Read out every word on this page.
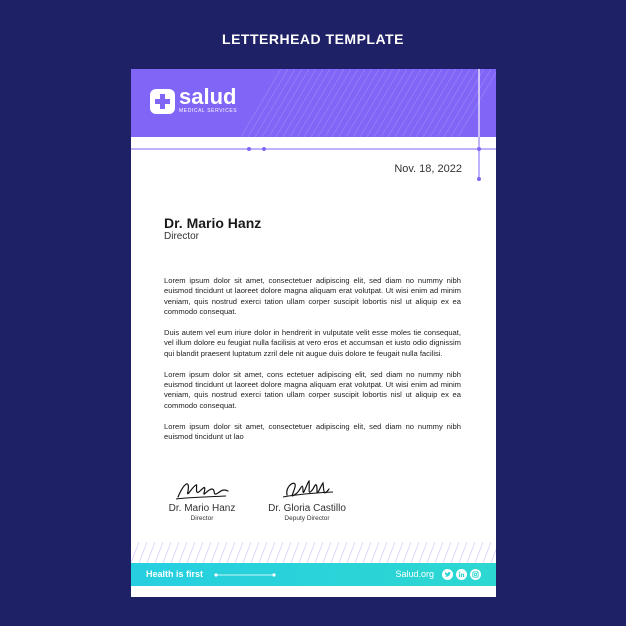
LETTERHEAD TEMPLATE
salud
MEDICAL SERVICES
Nov. 18, 2022
Dr. Mario Hanz
Director

Lorem ipsum dolor sit amet, consectetuer adipiscing elit, sed diam no nummy nibh euismod tincidunt ut laoreet dolore magna aliquam erat volutpat. Ut wisi enim ad minim veniam, quis nostrud exerci tation ullam corper suscipit lobortis nisl ut aliquip ex ea commodo consequat.

Duis autem vel eum iriure dolor in hendrerit in vulputate velit esse moles tie consequat, vel illum dolore eu feugiat nulla facilisis at vero eros et accumsan et iusto odio dignissim qui blandit praesent luptatum zzril dele nit augue duis dolore te feugait nulla facilisi.

Lorem ipsum dolor sit amet, cons ectetuer adipiscing elit, sed diam no nummy nibh euismod tincidunt ut laoreet dolore magna aliquam erat volutpat. Ut wisi enim ad minim veniam, quis nostrud exerci tation ullam corper suscipit lobortis nisl ut aliquip ex ea commodo consequat.

Lorem ipsum dolor sit amet, consectetuer adipiscing elit, sed diam no nummy nibh euismod tincidunt ut lao

Dr. Mario Hanz
Director
Dr. Gloria Castillo
Deputy Director
Health is first	Salud.org
